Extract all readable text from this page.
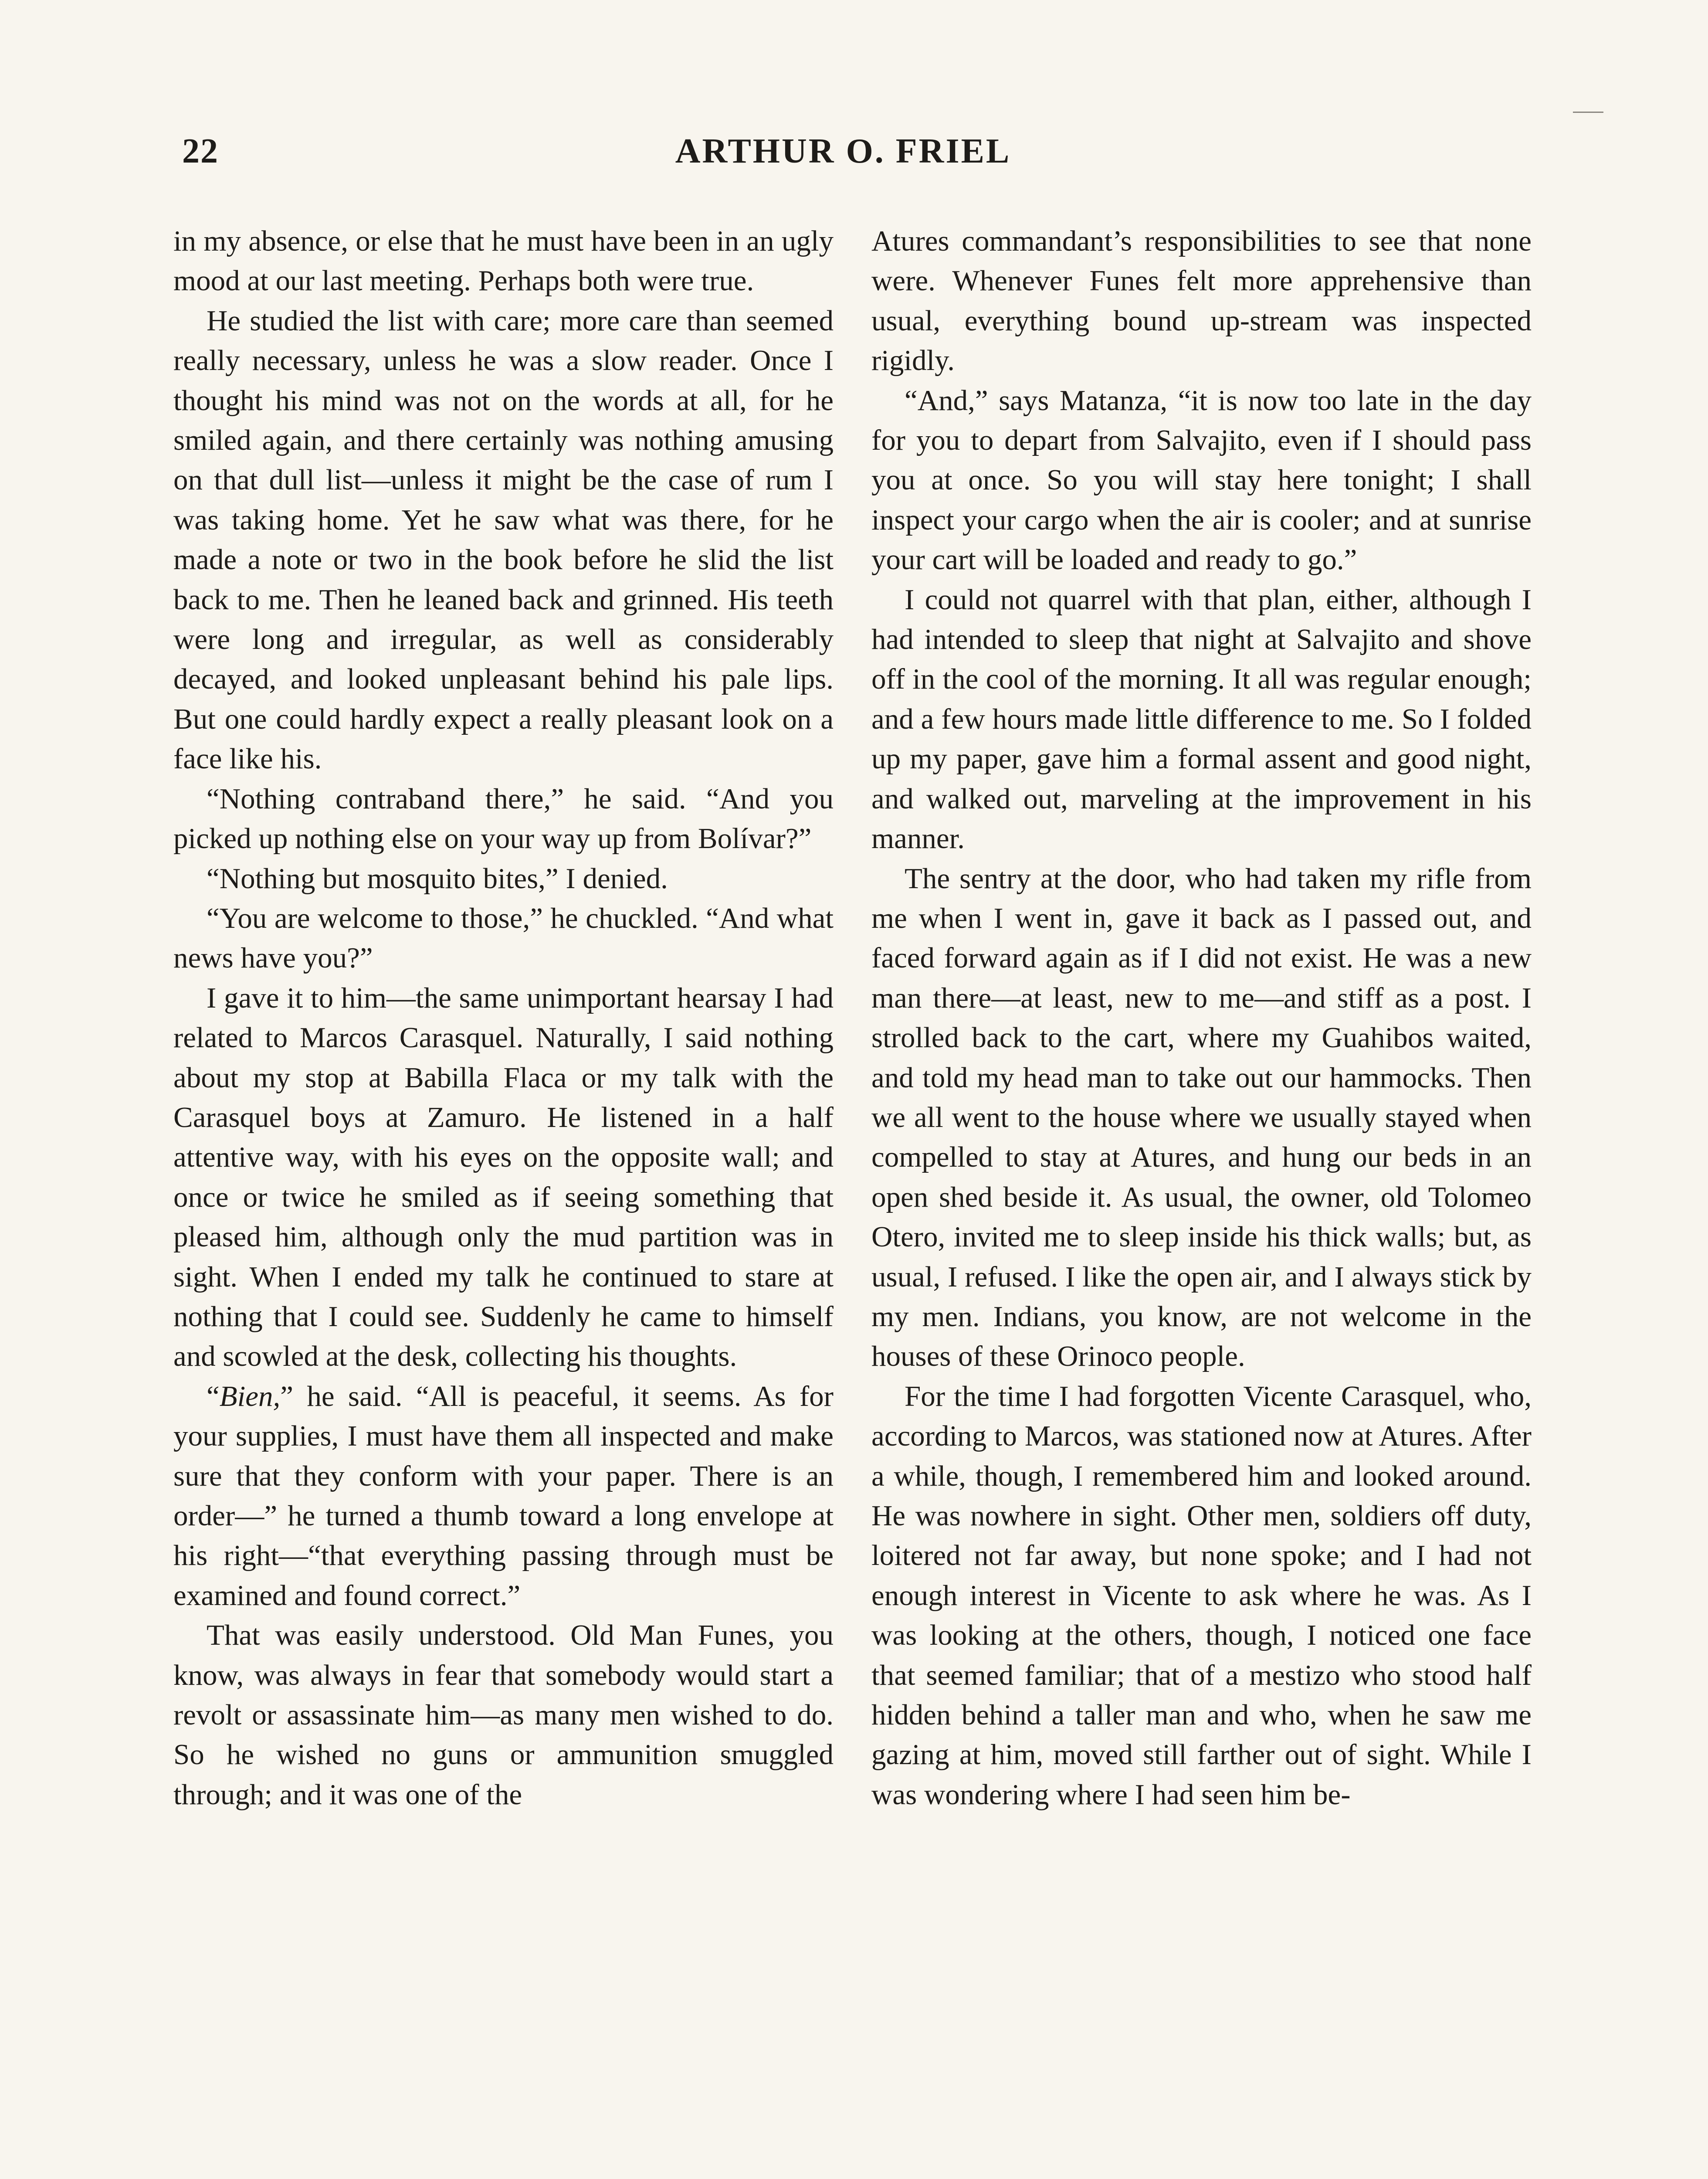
22	ARTHUR O. FRIEL

in my absence, or else that he must have been in an ugly mood at our last meeting. Perhaps both were true.

He studied the list with care; more care than seemed really necessary, unless he was a slow reader. Once I thought his mind was not on the words at all, for he smiled again, and there certainly was nothing amusing on that dull list—unless it might be the case of rum I was taking home. Yet he saw what was there, for he made a note or two in the book before he slid the list back to me. Then he leaned back and grinned. His teeth were long and irregular, as well as considerably decayed, and looked unpleasant behind his pale lips. But one could hardly expect a really pleasant look on a face like his.

“Nothing contraband there,” he said. “And you picked up nothing else on your way up from Bolívar?”

“Nothing but mosquito bites,” I denied.

“You are welcome to those,” he chuckled. “And what news have you?”

I gave it to him—the same unimportant hearsay I had related to Marcos Carasquel. Naturally, I said nothing about my stop at Babilla Flaca or my talk with the Carasquel boys at Zamuro. He listened in a half attentive way, with his eyes on the opposite wall; and once or twice he smiled as if seeing something that pleased him, although only the mud partition was in sight. When I ended my talk he continued to stare at nothing that I could see. Suddenly he came to himself and scowled at the desk, collecting his thoughts.

“Bien,” he said. “All is peaceful, it seems. As for your supplies, I must have them all inspected and make sure that they conform with your paper. There is an order—” he turned a thumb toward a long envelope at his right—“that everything passing through must be examined and found correct.”

That was easily understood. Old Man Funes, you know, was always in fear that somebody would start a revolt or assassinate him—as many men wished to do. So he wished no guns or ammunition smuggled through; and it was one of the

Atures commandant’s responsibilities to see that none were. Whenever Funes felt more apprehensive than usual, everything bound up-stream was inspected rigidly.

“And,” says Matanza, “it is now too late in the day for you to depart from Salvajito, even if I should pass you at once. So you will stay here tonight; I shall inspect your cargo when the air is cooler; and at sunrise your cart will be loaded and ready to go.”

I could not quarrel with that plan, either, although I had intended to sleep that night at Salvajito and shove off in the cool of the morning. It all was regular enough; and a few hours made little difference to me. So I folded up my paper, gave him a formal assent and good night, and walked out, marveling at the improvement in his manner.

The sentry at the door, who had taken my rifle from me when I went in, gave it back as I passed out, and faced forward again as if I did not exist. He was a new man there—at least, new to me—and stiff as a post. I strolled back to the cart, where my Guahibos waited, and told my head man to take out our hammocks. Then we all went to the house where we usually stayed when compelled to stay at Atures, and hung our beds in an open shed beside it. As usual, the owner, old Tolomeo Otero, invited me to sleep inside his thick walls; but, as usual, I refused. I like the open air, and I always stick by my men. Indians, you know, are not welcome in the houses of these Orinoco people.

For the time I had forgotten Vicente Carasquel, who, according to Marcos, was stationed now at Atures. After a while, though, I remembered him and looked around. He was nowhere in sight. Other men, soldiers off duty, loitered not far away, but none spoke; and I had not enough interest in Vicente to ask where he was. As I was looking at the others, though, I noticed one face that seemed familiar; that of a mestizo who stood half hidden behind a taller man and who, when he saw me gazing at him, moved still farther out of sight. While I was wondering where I had seen him be-
